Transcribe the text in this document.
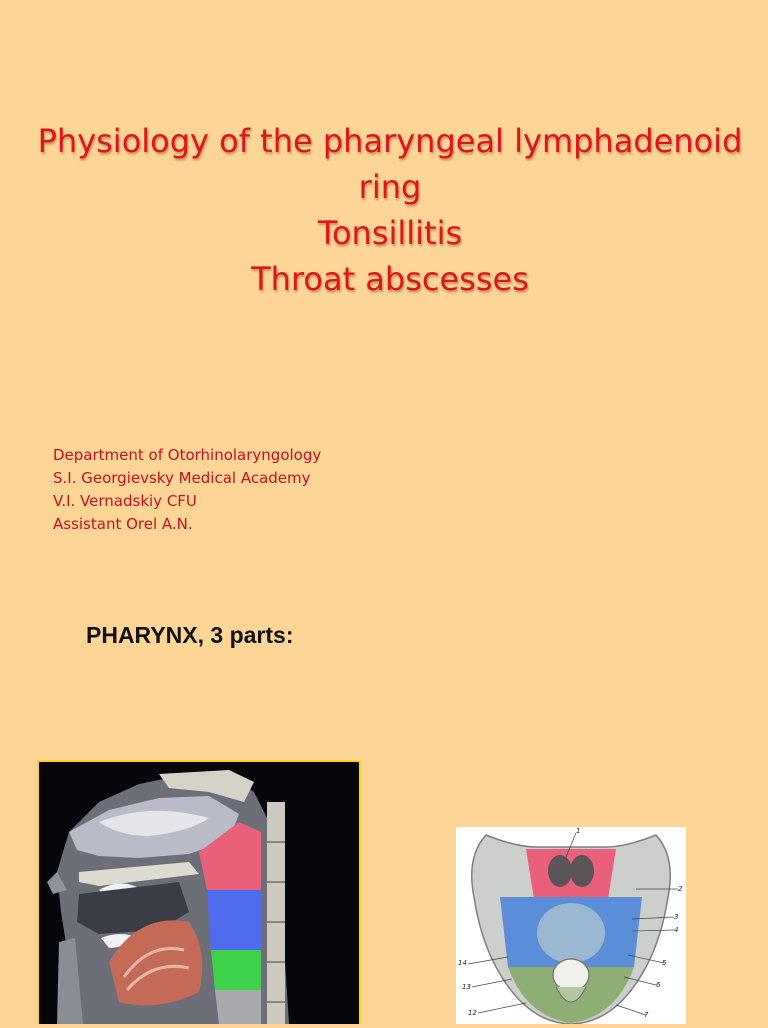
Physiology of the pharyngeal lymphadenoid
ring
Tonsillitis
Throat abscesses
Department of Otorhinolaryngology
S.I. Georgievsky Medical Academy
V.I. Vernadskiy CFU
Assistant Orel A.N.
PHARYNX, 3 parts:
1
2
3
4
5
6
7
12
13
14
